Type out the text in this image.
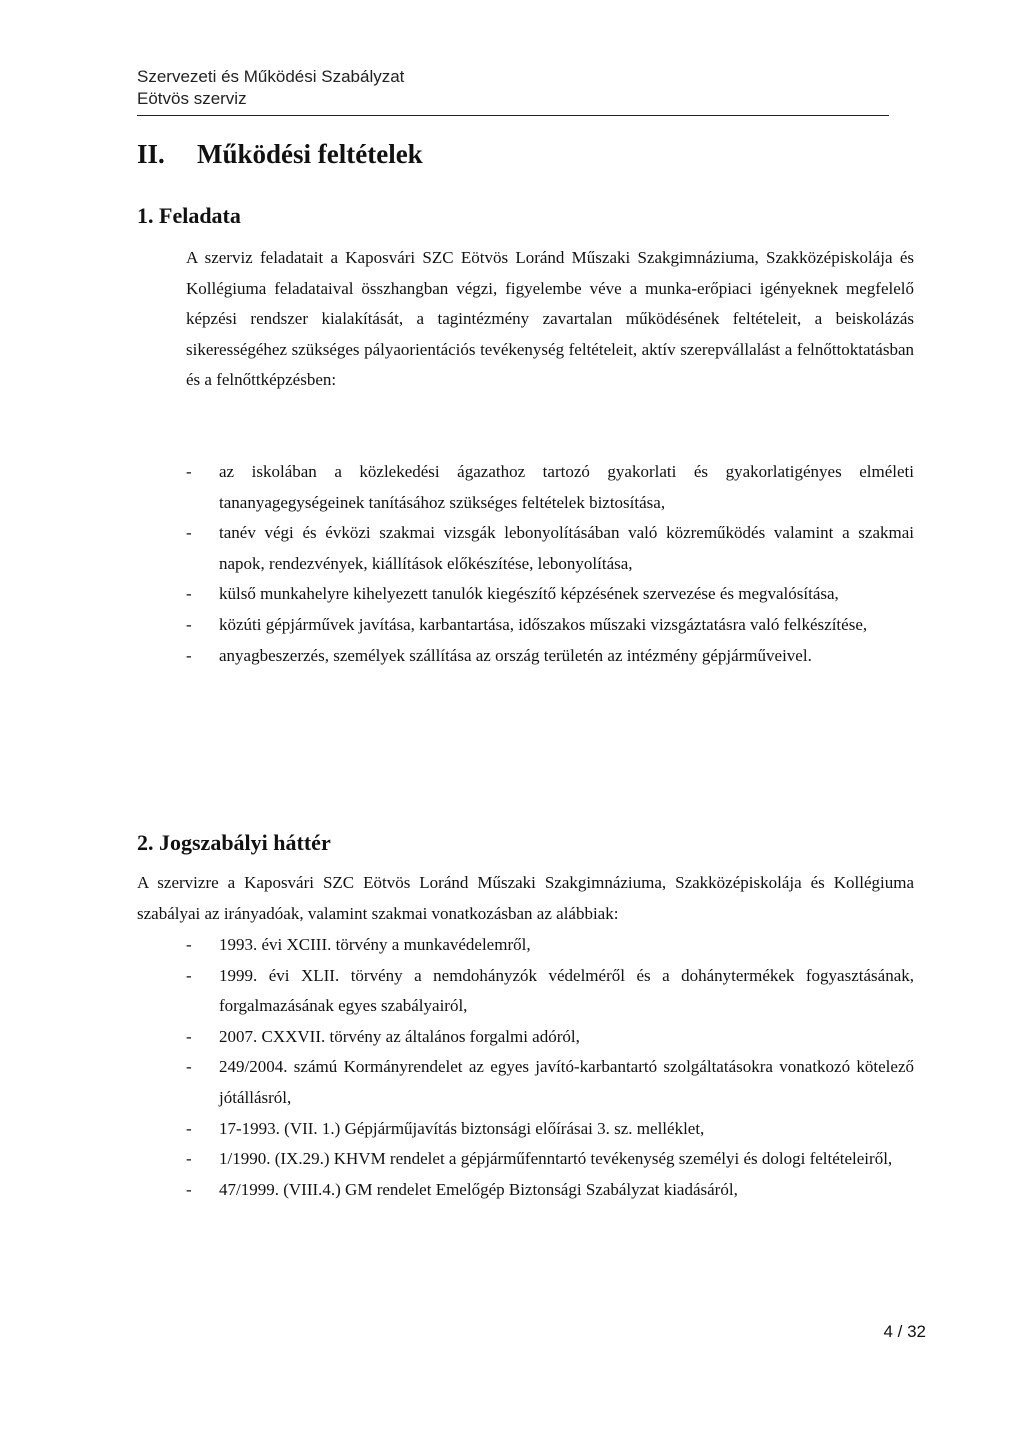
Szervezeti és Működési Szabályzat
Eötvös szerviz
II. Működési feltételek
1. Feladata
A szerviz feladatait a Kaposvári SZC Eötvös Loránd Műszaki Szakgimnáziuma, Szakközépiskolája és Kollégiuma feladataival összhangban végzi, figyelembe véve a munka-erőpiaci igényeknek megfelelő képzési rendszer kialakítását, a tagintézmény zavartalan működésének feltételeit, a beiskolázás sikerességéhez szükséges pályaorientációs tevékenység feltételeit, aktív szerepvállalást a felnőttoktatásban és a felnőttképzésben:
- az iskolában a közlekedési ágazathoz tartozó gyakorlati és gyakorlatigényes elméleti tananyagegységeinek tanításához szükséges feltételek biztosítása,
- tanév végi és évközi szakmai vizsgák lebonyolításában való közreműködés valamint a szakmai napok, rendezvények, kiállítások előkészítése, lebonyolítása,
- külső munkahelyre kihelyezett tanulók kiegészítő képzésének szervezése és megvalósítása,
- közúti gépjárművek javítása, karbantartása, időszakos műszaki vizsgáztatásra való felkészítése,
- anyagbeszerzés, személyek szállítása az ország területén az intézmény gépjárműveivel.
2. Jogszabályi háttér
A szervizre a Kaposvári SZC Eötvös Loránd Műszaki Szakgimnáziuma, Szakközépiskolája és Kollégiuma szabályai az irányadóak, valamint szakmai vonatkozásban az alábbiak:
- 1993. évi XCIII. törvény a munkavédelemről,
- 1999. évi XLII. törvény a nemdohányzók védelméről és a dohánytermékek fogyasztásának, forgalmazásának egyes szabályairól,
- 2007. CXXVII. törvény az általános forgalmi adóról,
- 249/2004. számú Kormányrendelet az egyes javító-karbantartó szolgáltatásokra vonatkozó kötelező jótállásról,
- 17-1993. (VII. 1.) Gépjárműjavítás biztonsági előírásai 3. sz. melléklet,
- 1/1990. (IX.29.) KHVM rendelet a gépjárműfenntartó tevékenység személyi és dologi feltételeiről,
- 47/1999. (VIII.4.) GM rendelet Emelőgép Biztonsági Szabályzat kiadásáról,
4 / 32
